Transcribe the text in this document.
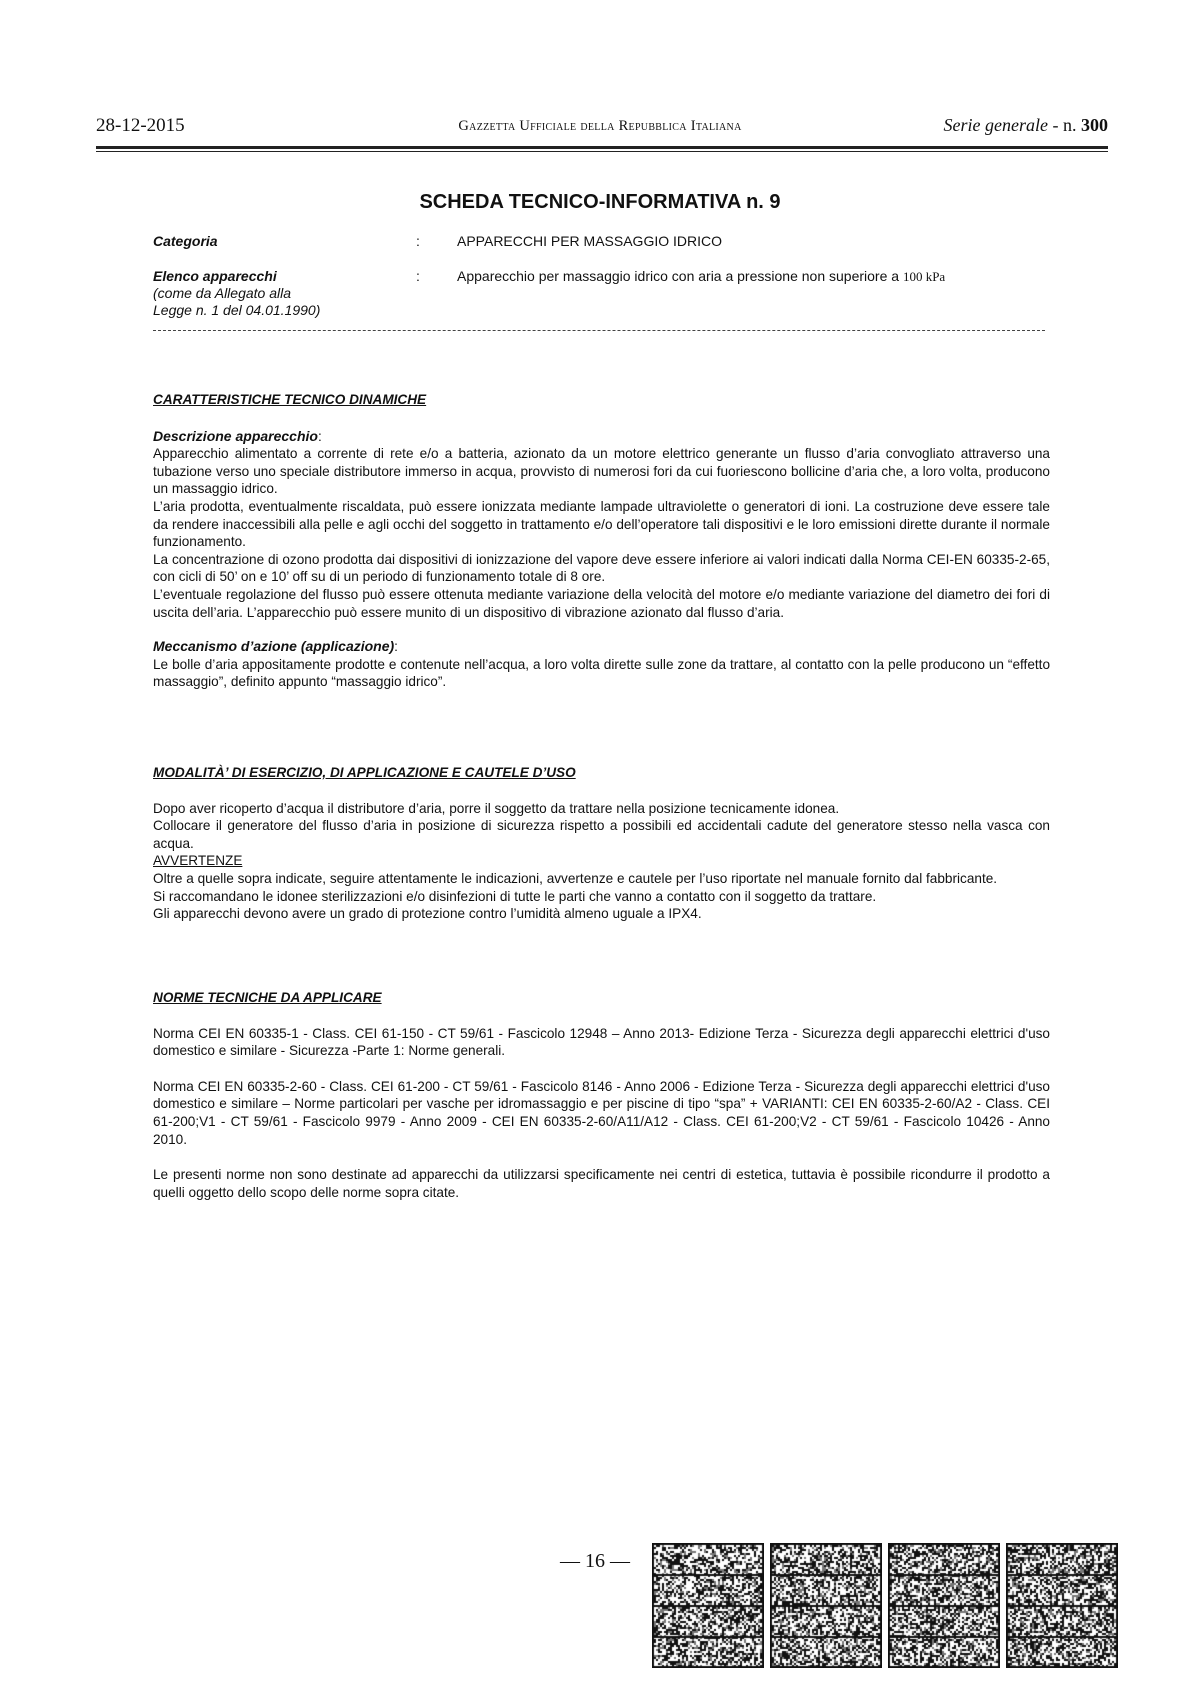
28-12-2015	Gazzetta Ufficiale della Repubblica Italiana	Serie generale - n. 300
SCHEDA TECNICO-INFORMATIVA n. 9
Categoria	:	APPARECCHI PER MASSAGGIO IDRICO
Elenco apparecchi
(come da Allegato alla
Legge n. 1 del 04.01.1990)
:	Apparecchio per massaggio idrico con aria a pressione non superiore a 100 kPa
CARATTERISTICHE TECNICO DINAMICHE
Descrizione apparecchio:

Apparecchio alimentato a corrente di rete e/o a batteria, azionato da un motore elettrico generante un flusso d’aria convogliato attraverso una tubazione verso uno speciale distributore immerso in acqua, provvisto di numerosi fori da cui fuoriescono bollicine d’aria che, a loro volta, producono un massaggio idrico.

L’aria prodotta, eventualmente riscaldata, può essere ionizzata mediante lampade ultraviolette o generatori di ioni. La costruzione deve essere tale da rendere inaccessibili alla pelle e agli occhi del soggetto in trattamento e/o dell’operatore tali dispositivi e le loro emissioni dirette durante il normale funzionamento.

La concentrazione di ozono prodotta dai dispositivi di ionizzazione del vapore deve essere inferiore ai valori indicati dalla Norma CEI-EN 60335-2-65, con cicli di 50’ on e 10’ off su di un periodo di funzionamento totale di 8 ore.

L’eventuale regolazione del flusso può essere ottenuta mediante variazione della velocità del motore e/o mediante variazione del diametro dei fori di uscita dell’aria. L’apparecchio può essere munito di un dispositivo di vibrazione azionato dal flusso d’aria.

Meccanismo d’azione (applicazione):

Le bolle d’aria appositamente prodotte e contenute nell’acqua, a loro volta dirette sulle zone da trattare, al contatto con la pelle producono un “effetto massaggio”, definito appunto “massaggio idrico”.

MODALITÀ’ DI ESERCIZIO, DI APPLICAZIONE E CAUTELE D’USO

Dopo aver ricoperto d’acqua il distributore d’aria, porre il soggetto da trattare nella posizione tecnicamente idonea.

Collocare il generatore del flusso d’aria in posizione di sicurezza rispetto a possibili ed accidentali cadute del generatore stesso nella vasca con acqua.

AVVERTENZE

Oltre a quelle sopra indicate, seguire attentamente le indicazioni, avvertenze e cautele per l’uso riportate nel manuale fornito dal fabbricante.

Si raccomandano le idonee sterilizzazioni e/o disinfezioni di tutte le parti che vanno a contatto con il soggetto da trattare.

Gli apparecchi devono avere un grado di protezione contro l’umidità almeno uguale a IPX4.

NORME TECNICHE DA APPLICARE

Norma CEI EN 60335-1 - Class. CEI 61-150 - CT 59/61 - Fascicolo 12948 – Anno 2013- Edizione Terza - Sicurezza degli apparecchi elettrici d'uso domestico e similare - Sicurezza -Parte 1: Norme generali.

Norma CEI EN 60335-2-60 - Class. CEI 61-200 - CT 59/61 - Fascicolo 8146 - Anno 2006 - Edizione Terza - Sicurezza degli apparecchi elettrici d'uso domestico e similare – Norme particolari per vasche per idromassaggio e per piscine di tipo “spa” + VARIANTI: CEI EN 60335-2-60/A2 - Class. CEI 61-200;V1 - CT 59/61 - Fascicolo 9979 - Anno 2009 - CEI EN 60335-2-60/A11/A12 - Class. CEI 61-200;V2 - CT 59/61 - Fascicolo 10426 - Anno 2010.

Le presenti norme non sono destinate ad apparecchi da utilizzarsi specificamente nei centri di estetica, tuttavia è possibile ricondurre il prodotto a quelli oggetto dello scopo delle norme sopra citate.

— 16 —
